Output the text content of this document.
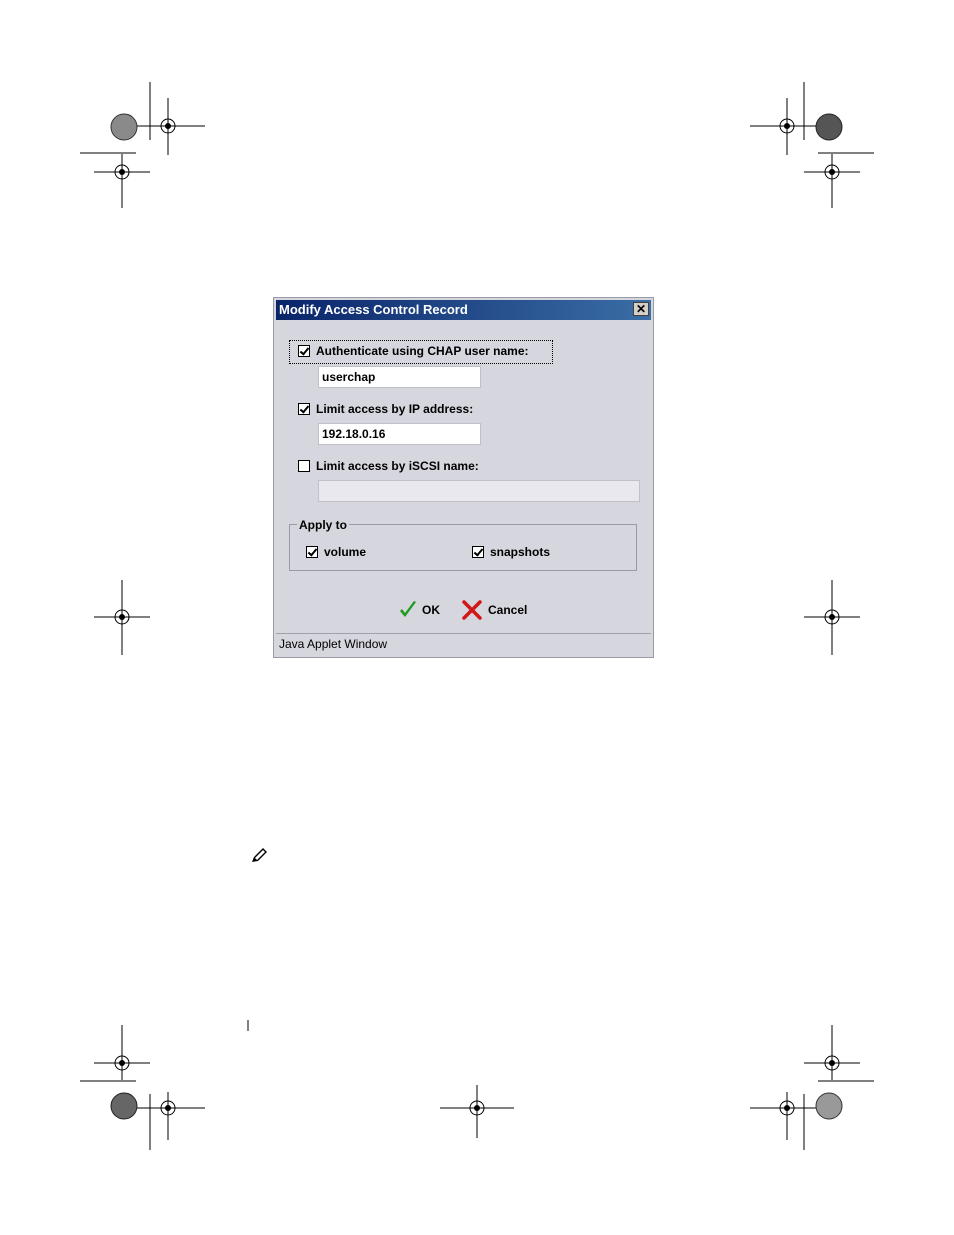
Modify Access Control Record	✕
Authenticate using CHAP user name:
userchap
Limit access by IP address:
192.18.0.16
Limit access by iSCSI name:
Apply to
volume	snapshots
OK	Cancel
Java Applet Window
